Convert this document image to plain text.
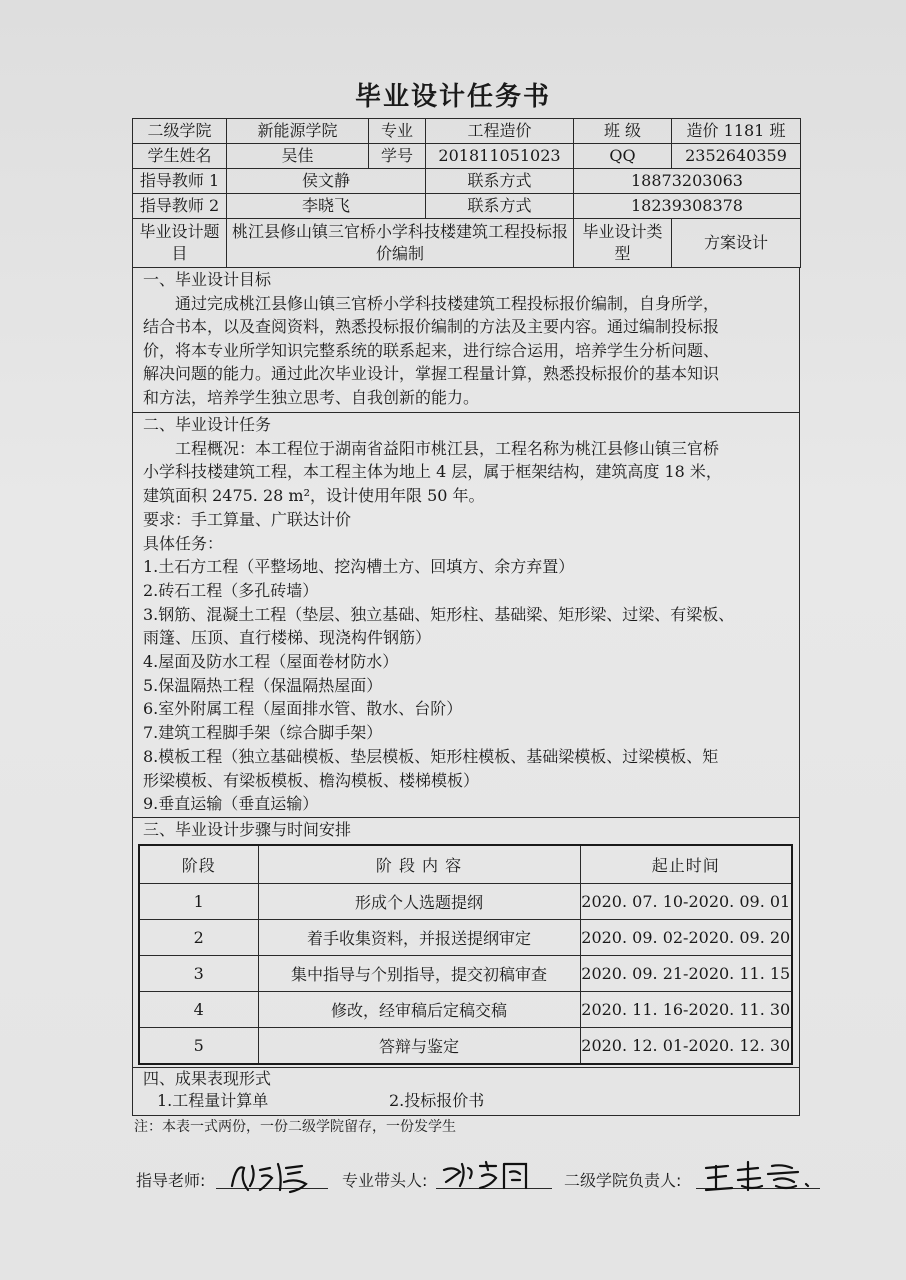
毕业设计任务书
二级学院	新能源学院	专业	工程造价	班 级	造价 1181 班
学生姓名	吴佳	学号	201811051023	QQ	2352640359
指导教师 1	侯文静		联系方式	18873203063	
指导教师 2	李晓飞		联系方式	18239308378	
毕业设计题目	桃江县修山镇三官桥小学科技楼建筑工程投标报价编制			毕业设计类型	方案设计
一、毕业设计目标
通过完成桃江县修山镇三官桥小学科技楼建筑工程投标报价编制，自身所学，
结合书本，以及查阅资料，熟悉投标报价编制的方法及主要内容。通过编制投标报
价，将本专业所学知识完整系统的联系起来，进行综合运用，培养学生分析问题、
解决问题的能力。通过此次毕业设计，掌握工程量计算，熟悉投标报价的基本知识
和方法，培养学生独立思考、自我创新的能力。
二、毕业设计任务
工程概况：本工程位于湖南省益阳市桃江县，工程名称为桃江县修山镇三官桥
小学科技楼建筑工程，本工程主体为地上 4 层，属于框架结构，建筑高度 18 米，
建筑面积 2475. 28 m²，设计使用年限 50 年。
要求：手工算量、广联达计价
具体任务：
1.土石方工程（平整场地、挖沟槽土方、回填方、余方弃置）
2.砖石工程（多孔砖墙）
3.钢筋、混凝土工程（垫层、独立基础、矩形柱、基础梁、矩形梁、过梁、有梁板、
雨篷、压顶、直行楼梯、现浇构件钢筋）
4.屋面及防水工程（屋面卷材防水）
5.保温隔热工程（保温隔热屋面）
6.室外附属工程（屋面排水管、散水、台阶）
7.建筑工程脚手架（综合脚手架）
8.模板工程（独立基础模板、垫层模板、矩形柱模板、基础梁模板、过梁模板、矩
形梁模板、有梁板模板、檐沟模板、楼梯模板）
9.垂直运输（垂直运输）
三、毕业设计步骤与时间安排
阶段	阶 段 内 容	起止时间
1	形成个人选题提纲	2020. 07. 10-2020. 09. 01
2	着手收集资料，并报送提纲审定	2020. 09. 02-2020. 09. 20
3	集中指导与个别指导，提交初稿审查	2020. 09. 21-2020. 11. 15
4	修改，经审稿后定稿交稿	2020. 11. 16-2020. 11. 30
5	答辩与鉴定	2020. 12. 01-2020. 12. 30
四、成果表现形式
1.工程量计算单	2.投标报价书
注：本表一式两份，一份二级学院留存，一份发学生
指导老师:	专业带头人:	二级学院负责人:
